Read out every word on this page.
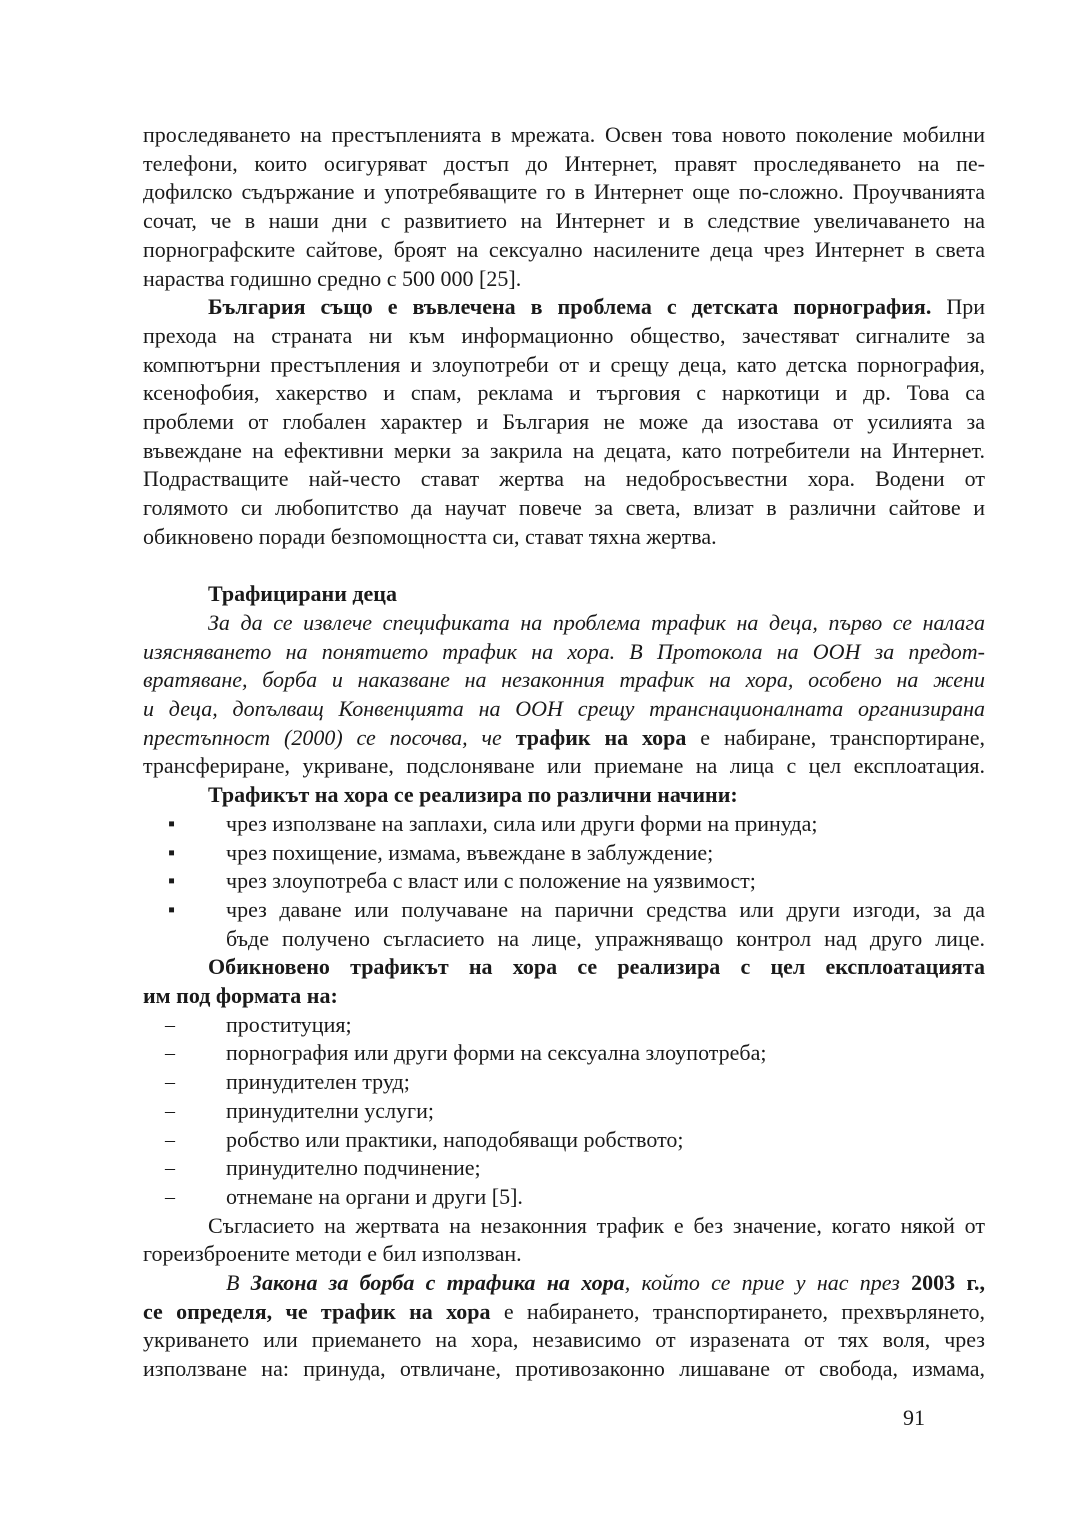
проследяването на престъпленията в мрежата. Освен това новото поколение мобилни
телефони, които осигуряват достъп до Интернет, правят проследяването на пе-
дофилско съдържание и употребяващите го в Интернет още по-сложно. Проучванията
сочат, че в наши дни с развитието на Интернет и в следствие увеличаването на
порнографските сайтове, броят на сексуално насилените деца чрез Интернет в света
нараства годишно средно с 500 000 [25].
България също е въвлечена в проблема с детската порнография. При
прехода на страната ни към информационно общество, зачестяват сигналите за
компютърни престъпления и злоупотреби от и срещу деца, като детска порнография,
ксенофобия, хакерство и спам, реклама и търговия с наркотици и др. Това са
проблеми от глобален характер и България не може да изостава от усилията за
въвеждане на ефективни мерки за закрила на децата, като потребители на Интернет.
Подрастващите най-често стават жертва на недобросъвестни хора. Водени от
голямото си любопитство да научат повече за света, влизат в различни сайтове и
обикновено поради безпомощността си, стават тяхна жертва.
Трафицирани деца
За да се извлече спецификата на проблема трафик на деца, първо се налага
изясняването на понятието трафик на хора. В Протокола на ООН за предот-
вратяване, борба и наказване на незаконния трафик на хора, особено на жени
и деца, допълващ Конвенцията на ООН срещу транснационалната организирана
престъпност (2000) се посочва, че трафик на хора е набиране, транспортиране,
трансфериране, укриване, подслоняване или приемане на лица с цел експлоатация.
Трафикът на хора се реализира по различни начини:
чрез използване на заплахи, сила или други форми на принуда;
▪
чрез похищение, измама, въвеждане в заблуждение;
▪
чрез злоупотреба с власт или с положение на уязвимост;
▪
чрез даване или получаване на парични средства или други изгоди, за да
▪
бъде получено съгласието на лице, упражняващо контрол над друго лице.
Обикновено трафикът на хора се реализира с цел експлоатацията
им под формата на:
проституция;
–
порнография или други форми на сексуална злоупотреба;
–
принудителен труд;
–
принудителни услуги;
–
робство или практики, наподобяващи робството;
–
принудително подчинение;
–
отнемане на органи и други [5].
–
Съгласието на жертвата на незаконния трафик е без значение, когато някой от
гореизброените методи е бил използван.
В Закона за борба с трафика на хора, който се прие у нас през 2003 г.,
се определя, че трафик на хора е набирането, транспортирането, прехвърлянето,
укриването или приемането на хора, независимо от изразената от тях воля, чрез
използване на: принуда, отвличане, противозаконно лишаване от свобода, измама,
91
